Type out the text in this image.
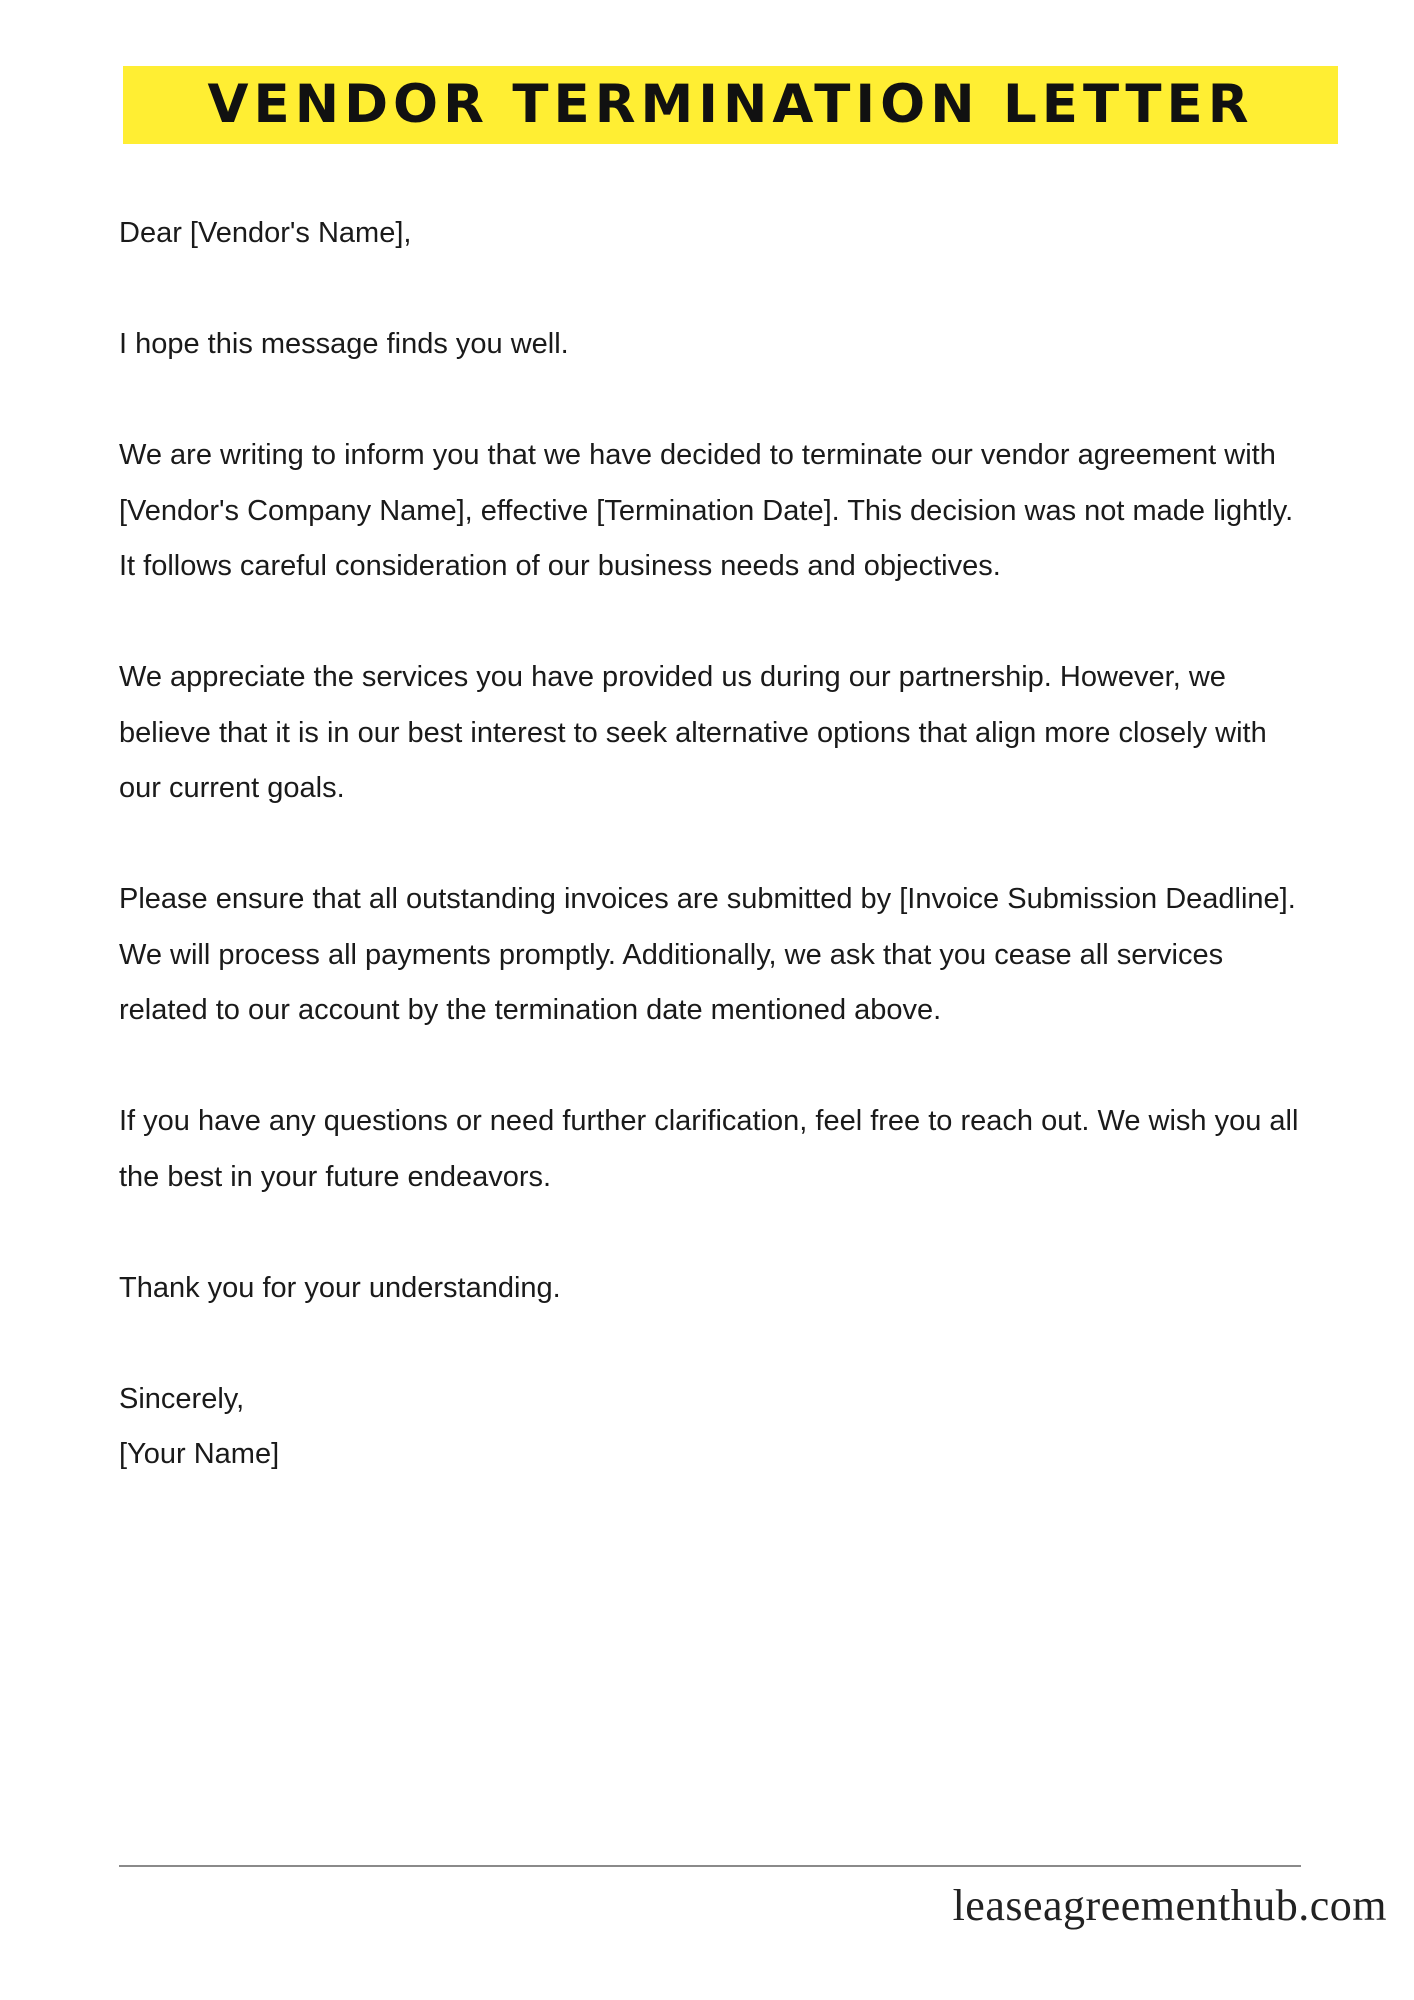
VENDOR TERMINATION LETTER

Dear [Vendor's Name],

I hope this message finds you well.

We are writing to inform you that we have decided to terminate our vendor agreement with [Vendor's Company Name], effective [Termination Date]. This decision was not made lightly. It follows careful consideration of our business needs and objectives.

We appreciate the services you have provided us during our partnership. However, we believe that it is in our best interest to seek alternative options that align more closely with our current goals.

Please ensure that all outstanding invoices are submitted by [Invoice Submission Deadline]. We will process all payments promptly. Additionally, we ask that you cease all services related to our account by the termination date mentioned above.

If you have any questions or need further clarification, feel free to reach out. We wish you all the best in your future endeavors.

Thank you for your understanding.

Sincerely,
[Your Name]

leaseagreementhub.com
